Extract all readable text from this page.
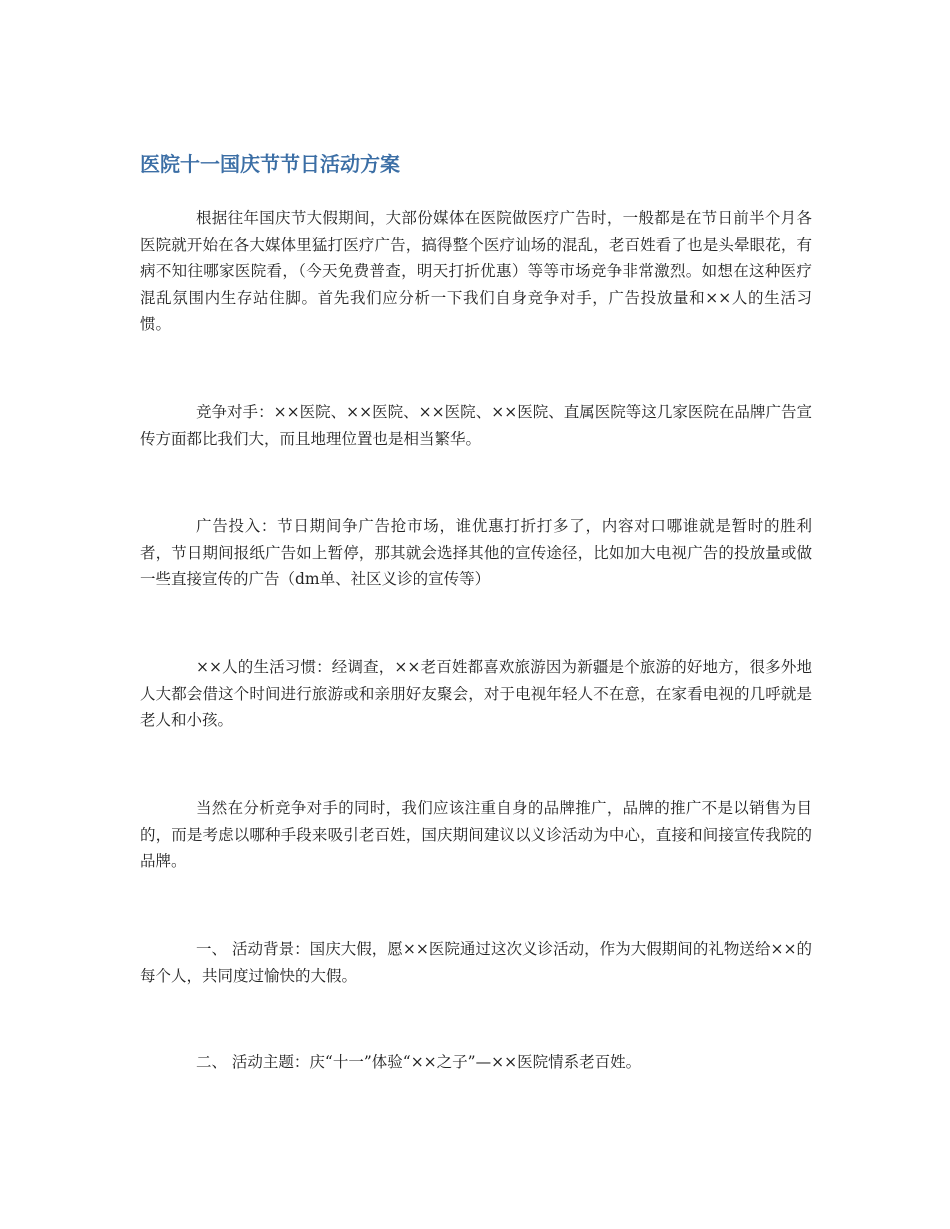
医院十一国庆节节日活动方案

根据往年国庆节大假期间，大部份媒体在医院做医疗广告时，一般都是在节日前半个月各医院就开始在各大媒体里猛打医疗广告，搞得整个医疗讪场的混乱，老百姓看了也是头晕眼花，有病不知往哪家医院看，（今天免费普查，明天打折优惠）等等市场竞争非常激烈。如想在这种医疗混乱氛围内生存站住脚。首先我们应分析一下我们自身竞争对手，广告投放量和××人的生活习惯。

竞争对手：××医院、××医院、××医院、××医院、直属医院等这几家医院在品牌广告宣传方面都比我们大，而且地理位置也是相当繁华。

广告投入：节日期间争广告抢市场，谁优惠打折打多了，内容对口哪谁就是暂时的胜利者，节日期间报纸广告如上暂停，那其就会选择其他的宣传途径，比如加大电视广告的投放量或做一些直接宣传的广告（dm单、社区义诊的宣传等）

××人的生活习惯：经调查，××老百姓都喜欢旅游因为新疆是个旅游的好地方，很多外地人大都会借这个时间进行旅游或和亲朋好友聚会，对于电视年轻人不在意，在家看电视的几呼就是老人和小孩。

当然在分析竞争对手的同时，我们应该注重自身的品牌推广，品牌的推广不是以销售为目的，而是考虑以哪种手段来吸引老百姓，国庆期间建议以义诊活动为中心，直接和间接宣传我院的品牌。

一、 活动背景：国庆大假，愿××医院通过这次义诊活动，作为大假期间的礼物送给××的每个人，共同度过愉快的大假。

二、 活动主题：庆“十一”体验“××之子”—××医院情系老百姓。
